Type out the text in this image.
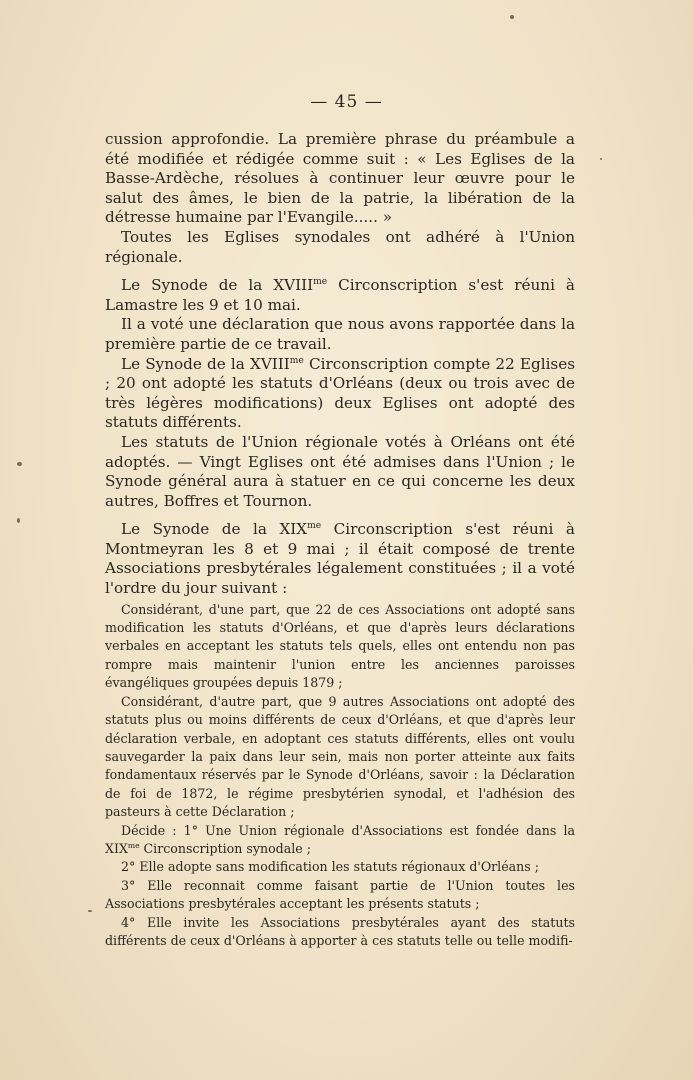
— 45 —

cussion approfondie. La première phrase du préambule a été modifiée et rédigée comme suit : « Les Eglises de la Basse-Ardèche, résolues à continuer leur œuvre pour le salut des âmes, le bien de la patrie, la libération de la détresse humaine par l'Evangile..... »

Toutes les Eglises synodales ont adhéré à l'Union régionale.

Le Synode de la $XVIII^{me}$ Circonscription s'est réuni à Lamastre les 9 et 10 mai.

Il a voté une déclaration que nous avons rapportée dans la première partie de ce travail.

Le Synode de la $XVIII^{me}$ Circonscription compte 22 Eglises ; 20 ont adopté les statuts d'Orléans (deux ou trois avec de très légères modifications) deux Eglises ont adopté des statuts différents.

Les statuts de l'Union régionale votés à Orléans ont été adoptés. — Vingt Eglises ont été admises dans l'Union ; le Synode général aura à statuer en ce qui concerne les deux autres, Boffres et Tournon.

Le Synode de la $XIX^{me}$ Circonscription s'est réuni à Montmeyran les 8 et 9 mai ; il était composé de trente Associations presbytérales légalement constituées ; il a voté l'ordre du jour suivant :

Considérant, d'une part, que 22 de ces Associations ont adopté sans modification les statuts d'Orléans, et que d'après leurs déclarations verbales en acceptant les statuts tels quels, elles ont entendu non pas rompre mais maintenir l'union entre les anciennes paroisses évangéliques groupées depuis 1879 ;

Considérant, d'autre part, que 9 autres Associations ont adopté des statuts plus ou moins différents de ceux d'Orléans, et que d'après leur déclaration verbale, en adoptant ces statuts différents, elles ont voulu sauvegarder la paix dans leur sein, mais non porter atteinte aux faits fondamentaux réservés par le Synode d'Orléans, savoir : la Déclaration de foi de 1872, le régime presbytérien synodal, et l'adhésion des pasteurs à cette Déclaration ;

Décide : 1° Une Union régionale d'Associations est fondée dans la $XIX^{me}$ Circonscription synodale ;

2° Elle adopte sans modification les statuts régionaux d'Orléans ;

3° Elle reconnait comme faisant partie de l'Union toutes les Associations presbytérales acceptant les présents statuts ;

4° Elle invite les Associations presbytérales ayant des statuts différents de ceux d'Orléans à apporter à ces statuts telle ou telle modifi-
